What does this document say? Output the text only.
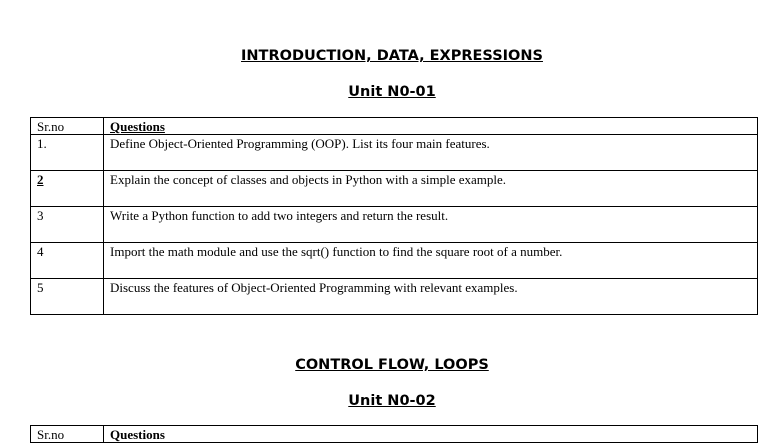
INTRODUCTION, DATA, EXPRESSIONS
Unit N0-01
Sr.no	Questions
1.	Define Object-Oriented Programming (OOP). List its four main features.
2	Explain the concept of classes and objects in Python with a simple example.
3	Write a Python function to add two integers and return the result.
4	Import the math module and use the sqrt() function to find the square root of a number.
5	Discuss the features of Object-Oriented Programming with relevant examples.
CONTROL FLOW, LOOPS
Unit N0-02
Sr.no	Questions
